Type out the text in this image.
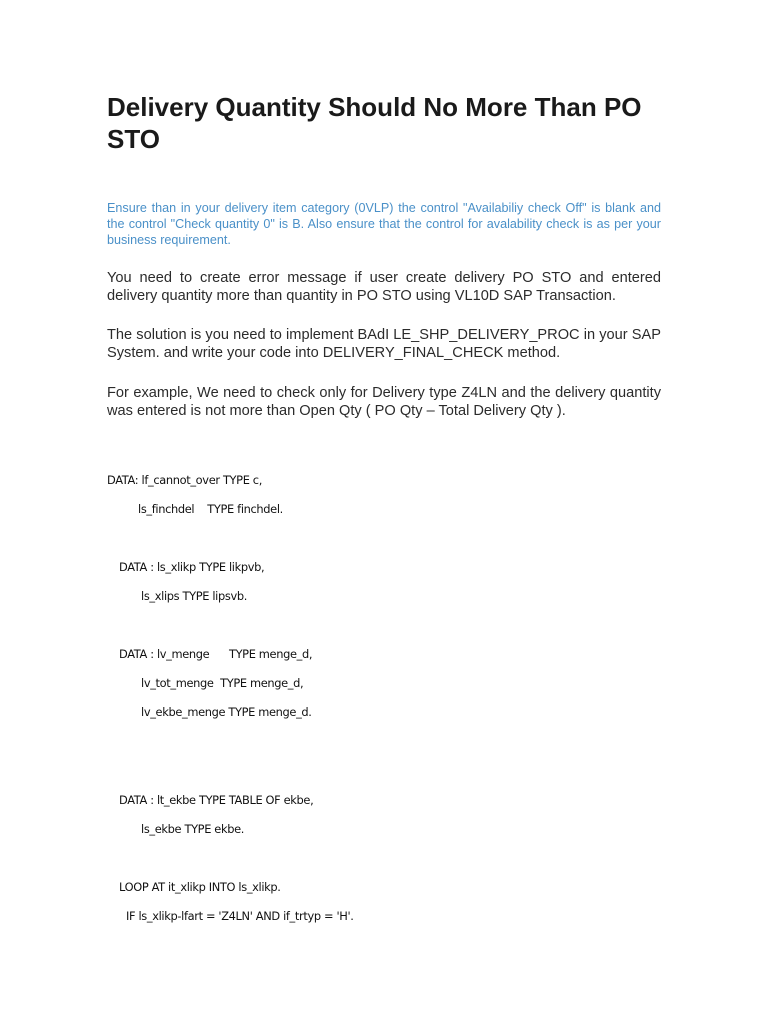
Delivery Quantity Should No More Than PO STO

Ensure than in your delivery item category (0VLP) the control "Availabiliy check Off" is blank and the control "Check quantity 0" is B. Also ensure that the control for avalability check is as per your business requirement.

You need to create error message if user create delivery PO STO and entered delivery quantity more than quantity in PO STO using VL10D SAP Transaction.

The solution is you need to implement BAdI LE_SHP_DELIVERY_PROC in your SAP System. and write your code into DELIVERY_FINAL_CHECK method.

For example, We need to check only for Delivery type Z4LN and the delivery quantity was entered is not more than Open Qty ( PO Qty – Total Delivery Qty ).

DATA: lf_cannot_over TYPE c,

ls_finchdel    TYPE finchdel.

DATA : ls_xlikp TYPE likpvb,

ls_xlips TYPE lipsvb.

DATA : lv_menge      TYPE menge_d,

lv_tot_menge  TYPE menge_d,

lv_ekbe_menge TYPE menge_d.

DATA : lt_ekbe TYPE TABLE OF ekbe,

ls_ekbe TYPE ekbe.

LOOP AT it_xlikp INTO ls_xlikp.

IF ls_xlikp-lfart = 'Z4LN' AND if_trtyp = 'H'.
